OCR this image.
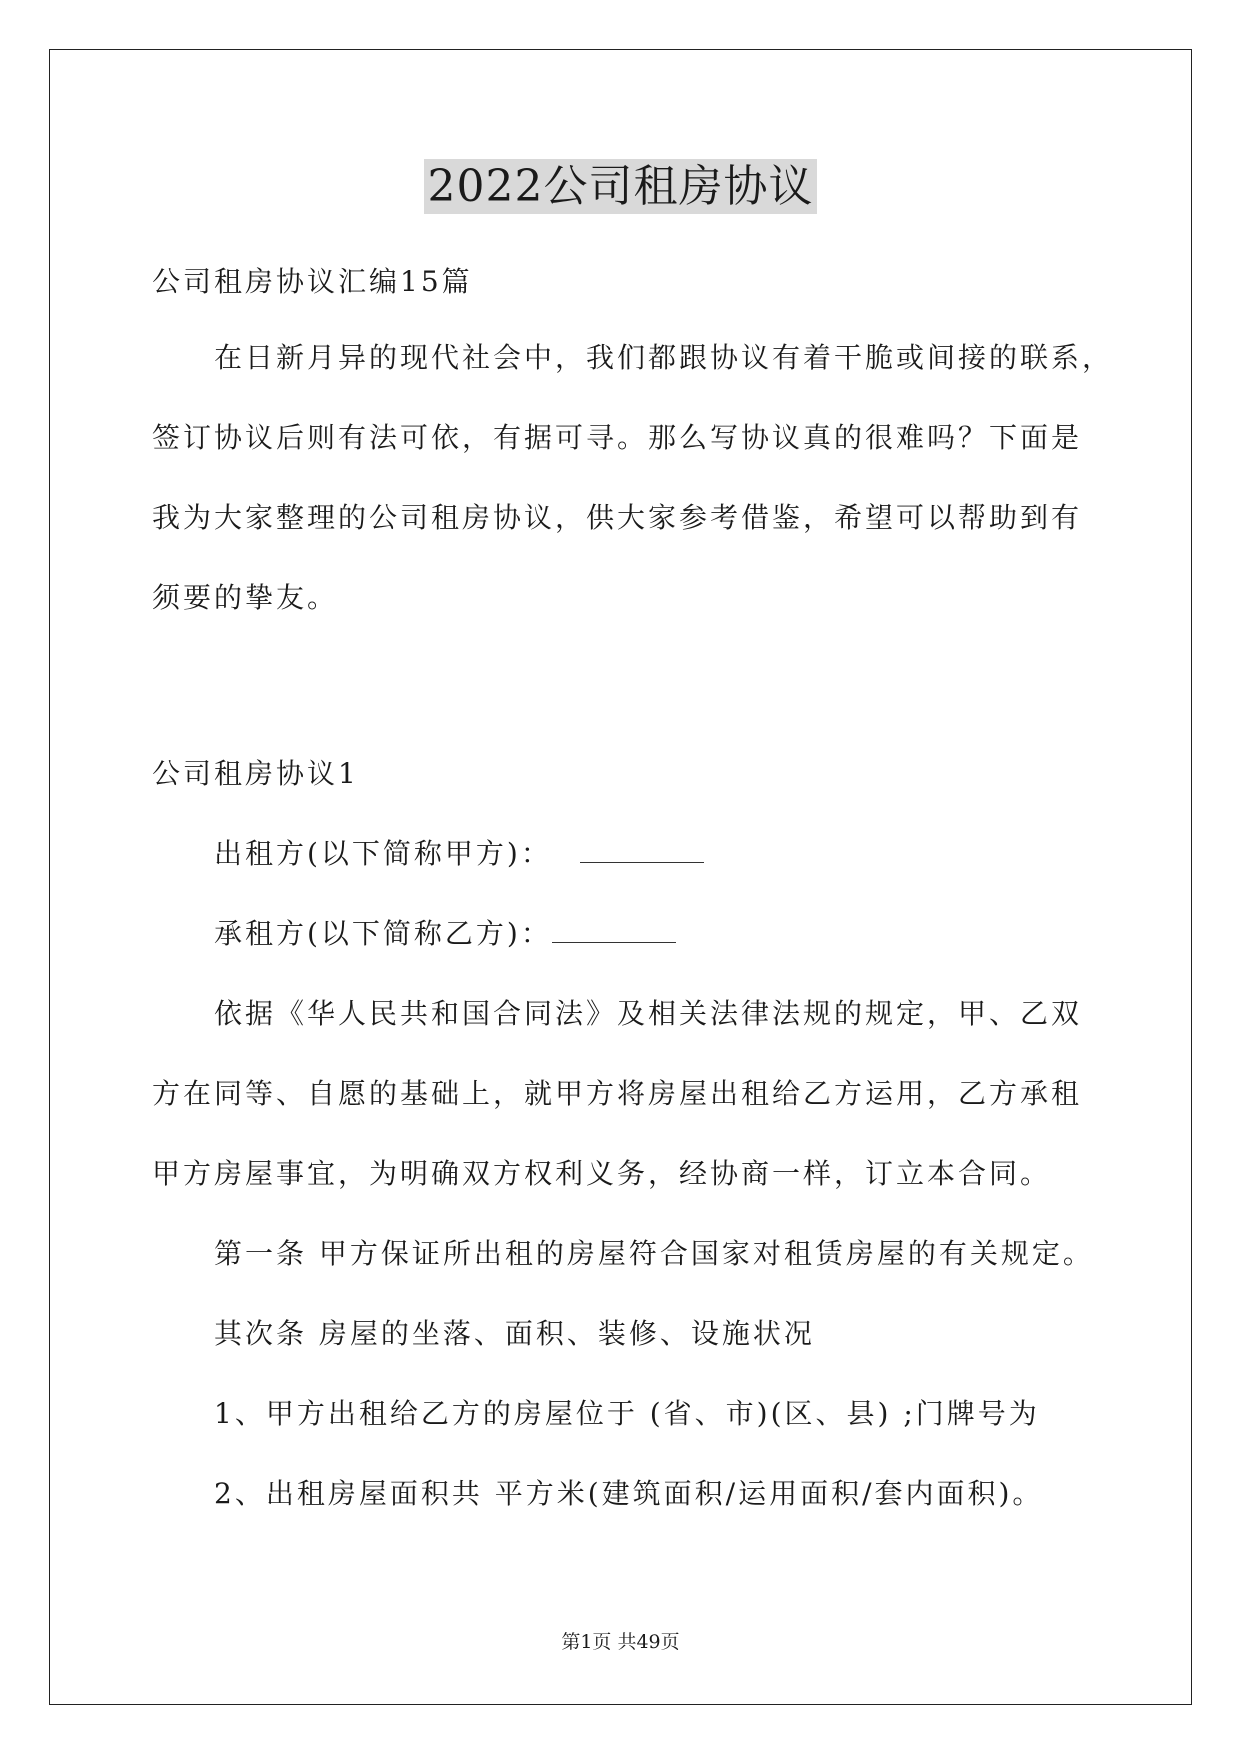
2022公司租房协议
公司租房协议汇编15篇
在日新月异的现代社会中，我们都跟协议有着干脆或间接的联系，
签订协议后则有法可依，有据可寻。那么写协议真的很难吗？下面是
我为大家整理的公司租房协议，供大家参考借鉴，希望可以帮助到有
须要的挚友。
公司租房协议1
出租方(以下简称甲方)：
承租方(以下简称乙方)：
依据《华人民共和国合同法》及相关法律法规的规定，甲、乙双
方在同等、自愿的基础上，就甲方将房屋出租给乙方运用，乙方承租
甲方房屋事宜，为明确双方权利义务，经协商一样，订立本合同。
第一条 甲方保证所出租的房屋符合国家对租赁房屋的有关规定。
其次条 房屋的坐落、面积、装修、设施状况
1、甲方出租给乙方的房屋位于 (省、市)(区、县) ;门牌号为
2、出租房屋面积共 平方米(建筑面积/运用面积/套内面积)。
第1页 共49页
